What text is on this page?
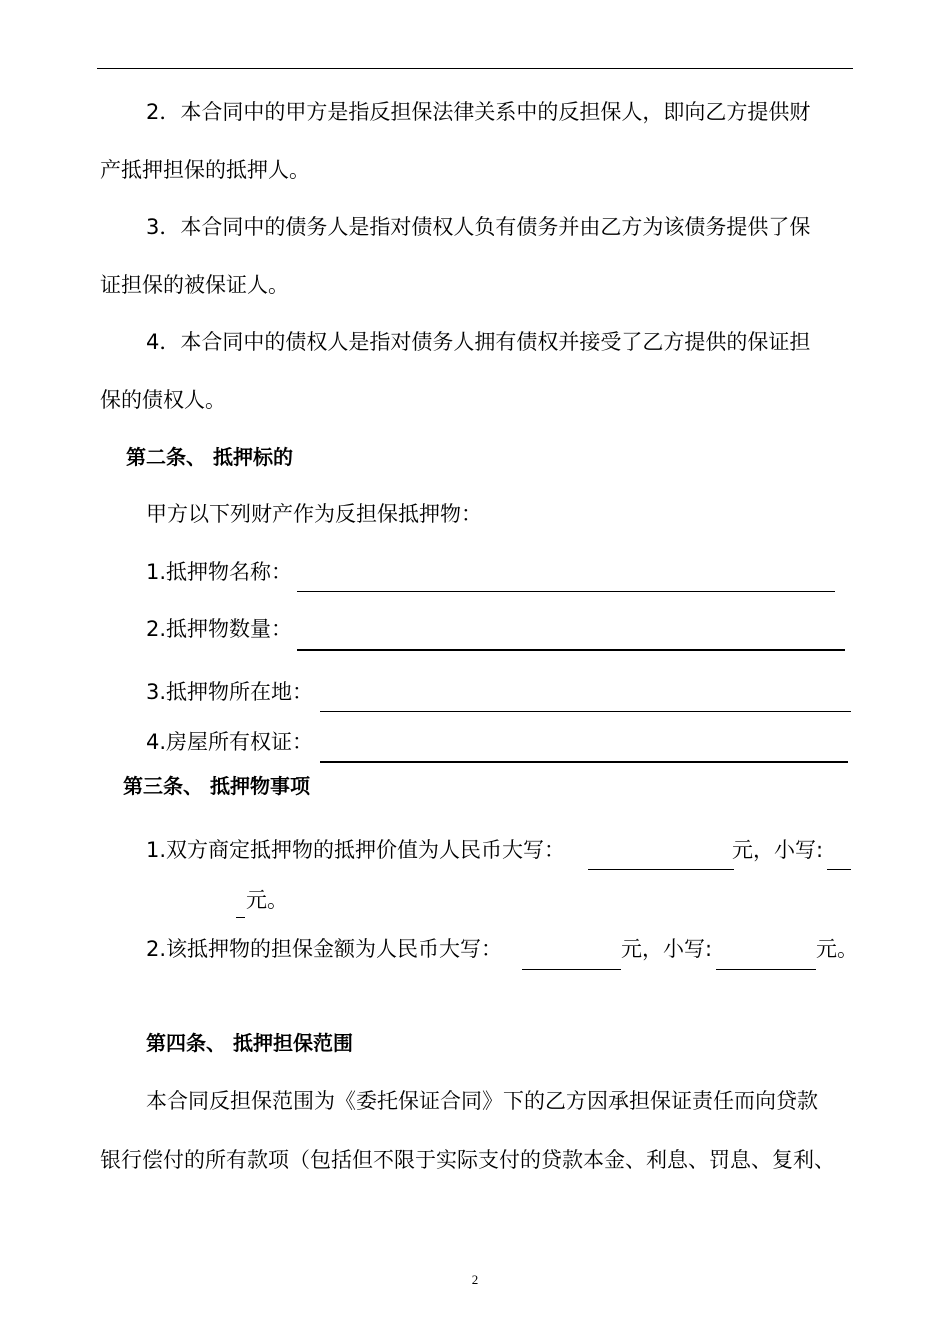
2．本合同中的甲方是指反担保法律关系中的反担保人，即向乙方提供财
产抵押担保的抵押人。
3．本合同中的债务人是指对债权人负有债务并由乙方为该债务提供了保
证担保的被保证人。
4．本合同中的债权人是指对债务人拥有债权并接受了乙方提供的保证担
保的债权人。
第二条、 抵押标的
甲方以下列财产作为反担保抵押物：
1.抵押物名称：
2.抵押物数量：
3.抵押物所在地：
4.房屋所有权证：
第三条、 抵押物事项
1.双方商定抵押物的抵押价值为人民币大写：	元，小写:
元。
2.该抵押物的担保金额为人民币大写：	元，小写:	元。
第四条、 抵押担保范围
本合同反担保范围为《委托保证合同》下的乙方因承担保证责任而向贷款
银行偿付的所有款项（包括但不限于实际支付的贷款本金、利息、罚息、复利、
2
